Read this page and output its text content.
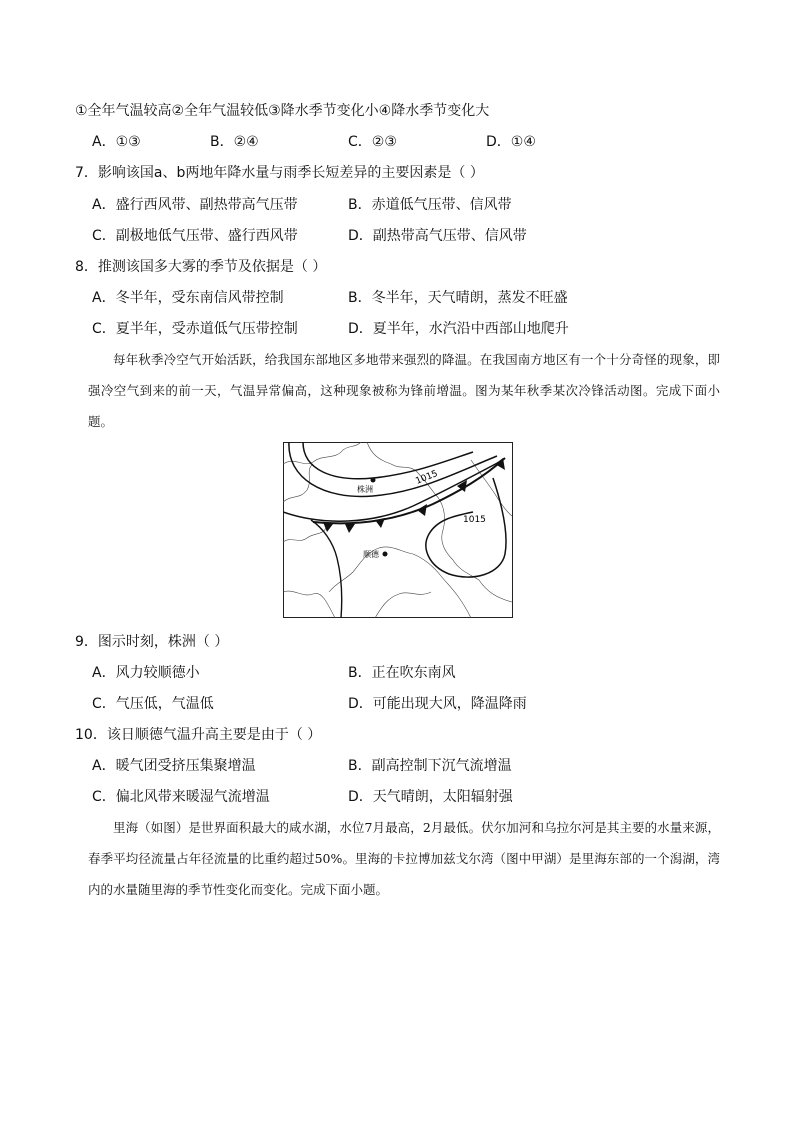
①全年气温较高②全年气温较低③降水季节变化小④降水季节变化大
A．①③	B．②④	C．②③	D．①④
7．影响该国a、b两地年降水量与雨季长短差异的主要因素是（ ）
A．盛行西风带、副热带高气压带	B．赤道低气压带、信风带
C．副极地低气压带、盛行西风带	D．副热带高气压带、信风带
8．推测该国多大雾的季节及依据是（ ）
A．冬半年，受东南信风带控制	B．冬半年，天气晴朗，蒸发不旺盛
C．夏半年，受赤道低气压带控制	D．夏半年，水汽沿中西部山地爬升
每年秋季冷空气开始活跃，给我国东部地区多地带来强烈的降温。在我国南方地区有一个十分奇怪的现象，即强冷空气到来的前一天，气温异常偏高，这种现象被称为锋前增温。图为某年秋季某次冷锋活动图。完成下面小题。
株洲
顺德
1015
1015
9．图示时刻，株洲（ ）
A．风力较顺德小	B．正在吹东南风
C．气压低，气温低	D．可能出现大风，降温降雨
10．该日顺德气温升高主要是由于（ ）
A．暖气团受挤压集聚增温	B．副高控制下沉气流增温
C．偏北风带来暖湿气流增温	D．天气晴朗，太阳辐射强
里海（如图）是世界面积最大的咸水湖，水位7月最高，2月最低。伏尔加河和乌拉尔河是其主要的水量来源，春季平均径流量占年径流量的比重约超过50%。里海的卡拉博加兹戈尔湾（图中甲湖）是里海东部的一个潟湖，湾内的水量随里海的季节性变化而变化。完成下面小题。
